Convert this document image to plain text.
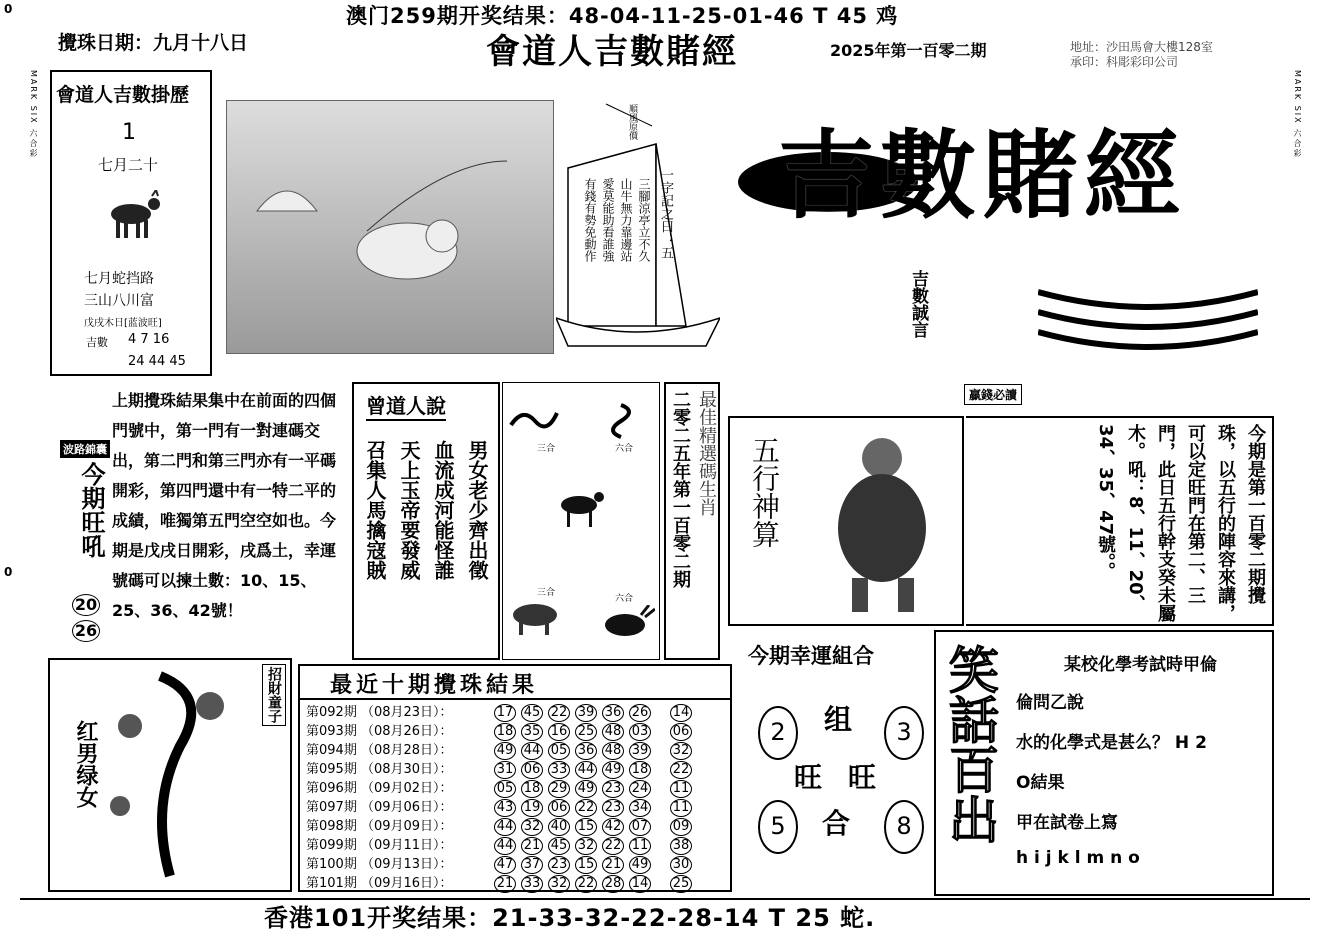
0
0
澳门259期开奖结果：48-04-11-25-01-46 T 45 鸡
攪珠日期：九月十八日	會道人吉數賭經	2025年第一百零二期	地址：沙田馬會大樓128室
承印：科彫彩印公司
MARK SIX 六合彩	MARK SIX 六合彩
會道人吉數掛歷
1
七月二十
七月蛇挡路
三山八川富
戊戌木日[蓝波旺]
吉數 4 7 16
24 44 45
順風原價
一字記之曰：五
三腳涼亭立不久
山牛無力靠邊站
愛莫能助看誰強
有錢有勢免動作 吉數賭經
吉數誠言
贏錢必讀
波路錦囊
今期旺吼
20
26
上期攪珠結果集中在前面的四個門號中，第一門有一對連碼交出，第二門和第三門亦有一平碼開彩，第四門還中有一特二平的成績，唯獨第五門空空如也。今期是戊戌日開彩，戌爲土，幸運號碼可以揀土數：10、15、25、36、42號！
曾道人說
男女老少齊出徵
血流成河能怪誰
天上玉帝要發威
召集人馬擒寇賊	三合	六合
三合
六合
二零二五年第一百零二期 最佳精選碼生肖 五行神算	今期是第一百零二期攪珠，以五行的陣容來講，可以定旺門在第二、三門，此日五行幹支癸未屬木。吼：8、11、20、34、35、47號。。
今期幸運組合
2	3
5	8
组
旺 旺
合 笑話百出	某校化學考試時甲倫
倫問乙說
水的化學式是甚么？ H 2
O結果
甲在試卷上寫
h i j k l m n o
红男绿女
招財童子 最近十期攪珠結果
第092期 （08月23日）：	17 45 22 39 36 26 14
第093期 （08月26日）：	18 35 16 25 48 03 06
第094期 （08月28日）：	49 44 05 36 48 39 32
第095期 （08月30日）：	31 06 33 44 49 18 22
第096期 （09月02日）：	05 18 29 49 23 24 11
第097期 （09月06日）：	43 19 06 22 23 34 11
第098期 （09月09日）：	44 32 40 15 42 07 09
第099期 （09月11日）：	44 21 45 32 22 11 38
第100期 （09月13日）：	47 37 23 15 21 49 30
第101期 （09月16日）：	21 33 32 22 28 14 25
香港101开奖结果：21-33-32-22-28-14 T 25 蛇.
